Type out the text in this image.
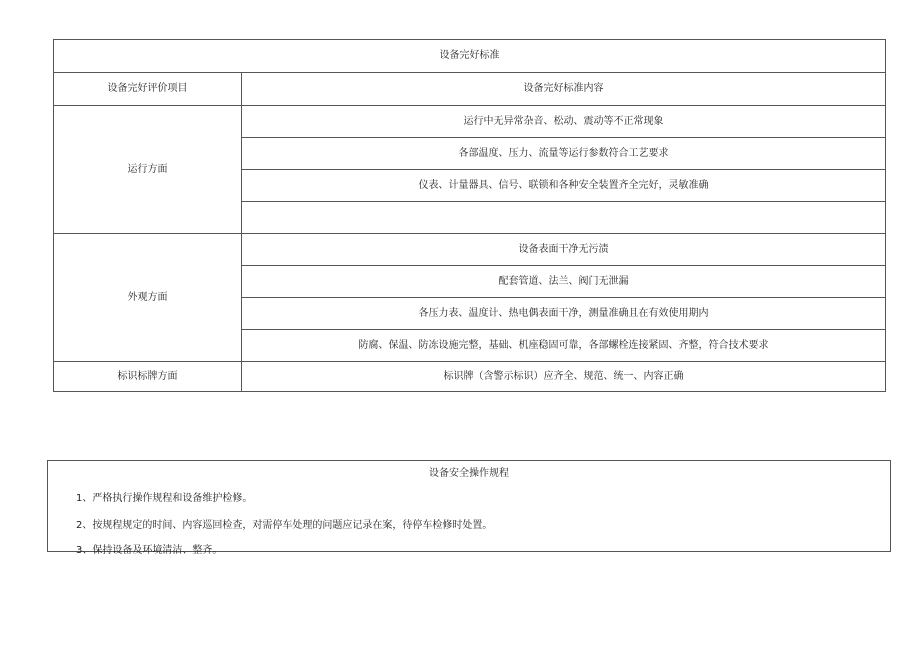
设备完好标准	
设备完好评价项目	设备完好标准内容
运行方面	运行中无异常杂音、松动、震动等不正常现象
	各部温度、压力、流量等运行参数符合工艺要求
	仪表、计量器具、信号、联锁和各种安全装置齐全完好，灵敏准确

外观方面	设备表面干净无污渍
	配套管道、法兰、阀门无泄漏
	各压力表、温度计、热电偶表面干净，测量准确且在有效使用期内
	防腐、保温、防冻设施完整，基础、机座稳固可靠，各部螺栓连接紧固、齐整，符合技术要求
标识标牌方面	标识牌（含警示标识）应齐全、规范、统一、内容正确
设备安全操作规程
1、严格执行操作规程和设备维护检修。
2、按规程规定的时间、内容巡回检查，对需停车处理的问题应记录在案，待停车检修时处置。
3、保持设备及环境清洁、整齐。
